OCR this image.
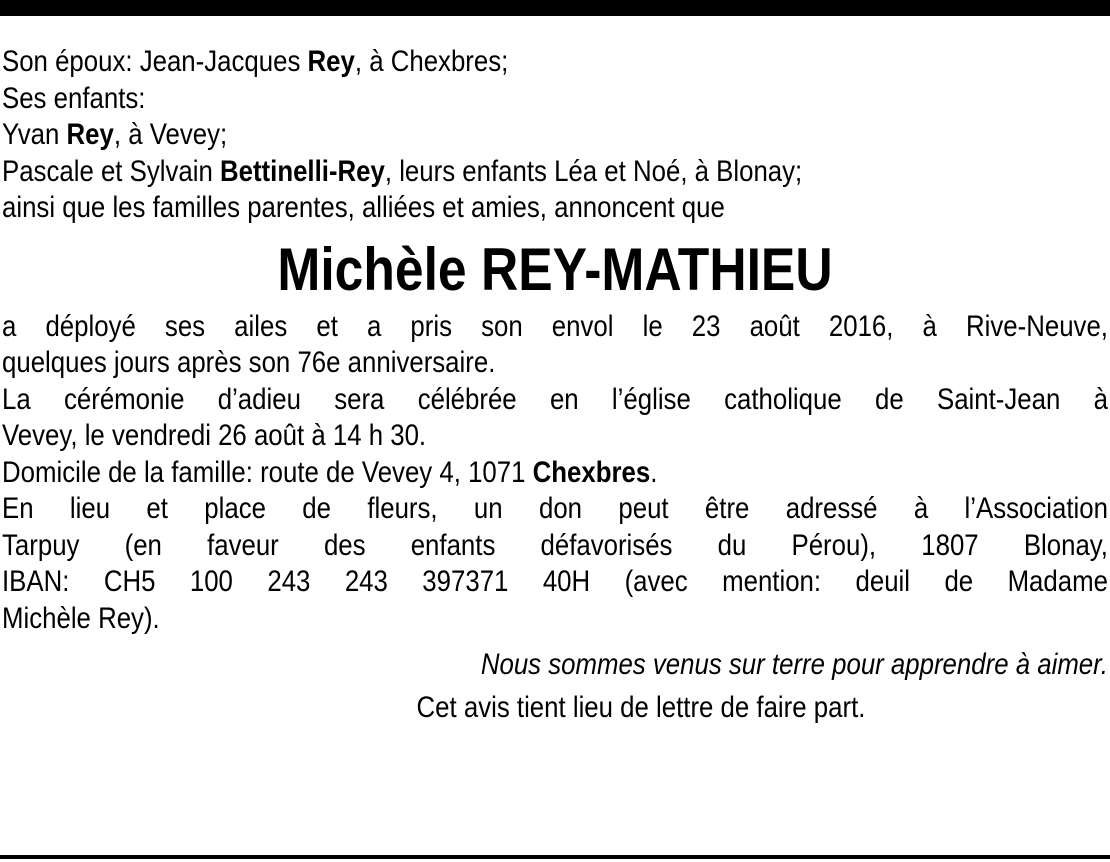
Son époux: Jean-Jacques Rey, à Chexbres;
Ses enfants:
Yvan Rey, à Vevey;
Pascale et Sylvain Bettinelli-Rey, leurs enfants Léa et Noé, à Blonay;
ainsi que les familles parentes, alliées et amies, annoncent que
Michèle REY-MATHIEU
a déployé ses ailes et a pris son envol le 23 août 2016, à Rive-Neuve,
quelques jours après son 76e anniversaire.
La cérémonie d’adieu sera célébrée en l’église catholique de Saint-Jean à
Vevey, le vendredi 26 août à 14 h 30.
Domicile de la famille: route de Vevey 4, 1071 Chexbres.
En lieu et place de fleurs, un don peut être adressé à l’Association
Tarpuy (en faveur des enfants défavorisés du Pérou), 1807 Blonay,
IBAN: CH5 100 243 243 397371 40H (avec mention: deuil de Madame
Michèle Rey).
Nous sommes venus sur terre pour apprendre à aimer.
Cet avis tient lieu de lettre de faire part.
